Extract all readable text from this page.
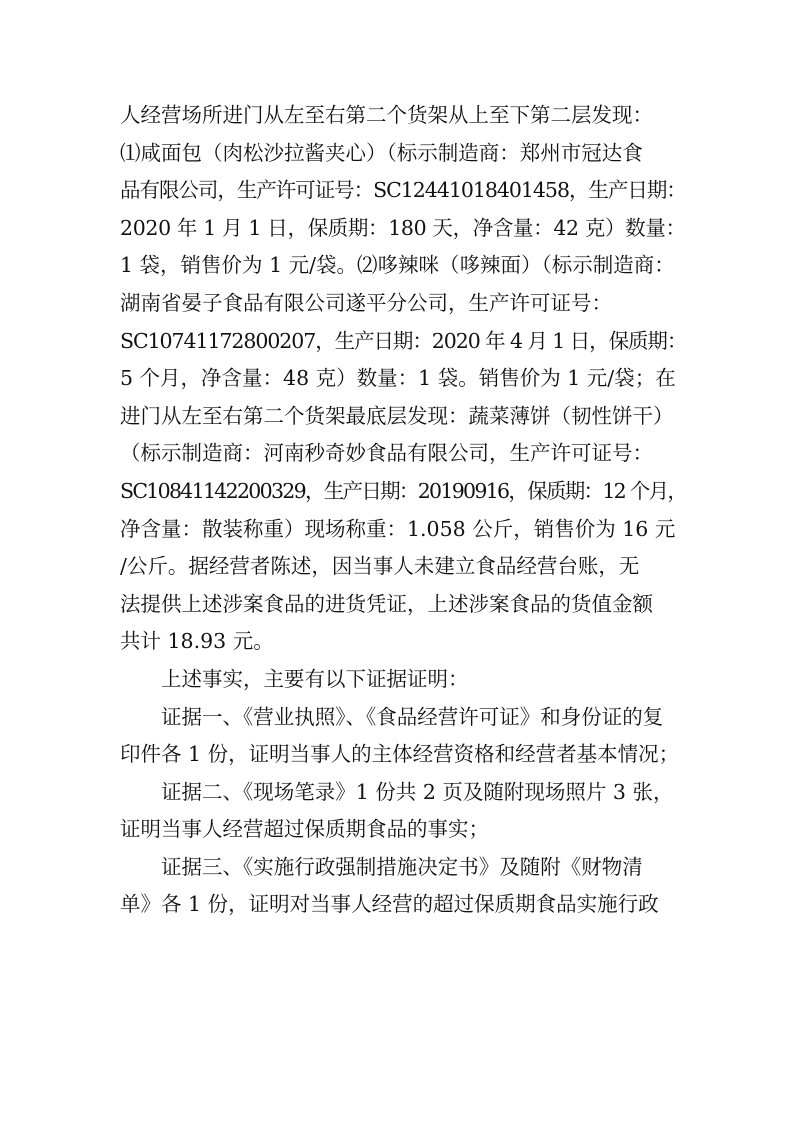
人经营场所进门从左至右第二个货架从上至下第二层发现：
⑴咸面包（肉松沙拉酱夹心）（标示制造商：郑州市冠达食
品有限公司，生产许可证号：SC12441018401458，生产日期：
2020 年 1 月 1 日，保质期：180 天，净含量：42 克）数量：
1 袋，销售价为 1 元/袋。⑵哆辣咪（哆辣面）（标示制造商：
湖南省晏子食品有限公司遂平分公司，生产许可证号：
SC10741172800207，生产日期：2020 年 4 月 1 日，保质期：
5 个月，净含量：48 克）数量：1 袋。销售价为 1 元/袋；在
进门从左至右第二个货架最底层发现：蔬菜薄饼（韧性饼干）
（标示制造商：河南秒奇妙食品有限公司，生产许可证号：
SC10841142200329，生产日期：20190916，保质期：12 个月，
净含量：散装称重）现场称重：1.058 公斤，销售价为 16 元
/公斤。据经营者陈述，因当事人未建立食品经营台账，无
法提供上述涉案食品的进货凭证，上述涉案食品的货值金额
共计 18.93 元。
上述事实，主要有以下证据证明：
证据一、《营业执照》、《食品经营许可证》和身份证的复
印件各 1 份，证明当事人的主体经营资格和经营者基本情况；
证据二、《现场笔录》1 份共 2 页及随附现场照片 3 张，
证明当事人经营超过保质期食品的事实；
证据三、《实施行政强制措施决定书》及随附《财物清
单》各 1 份，证明对当事人经营的超过保质期食品实施行政
